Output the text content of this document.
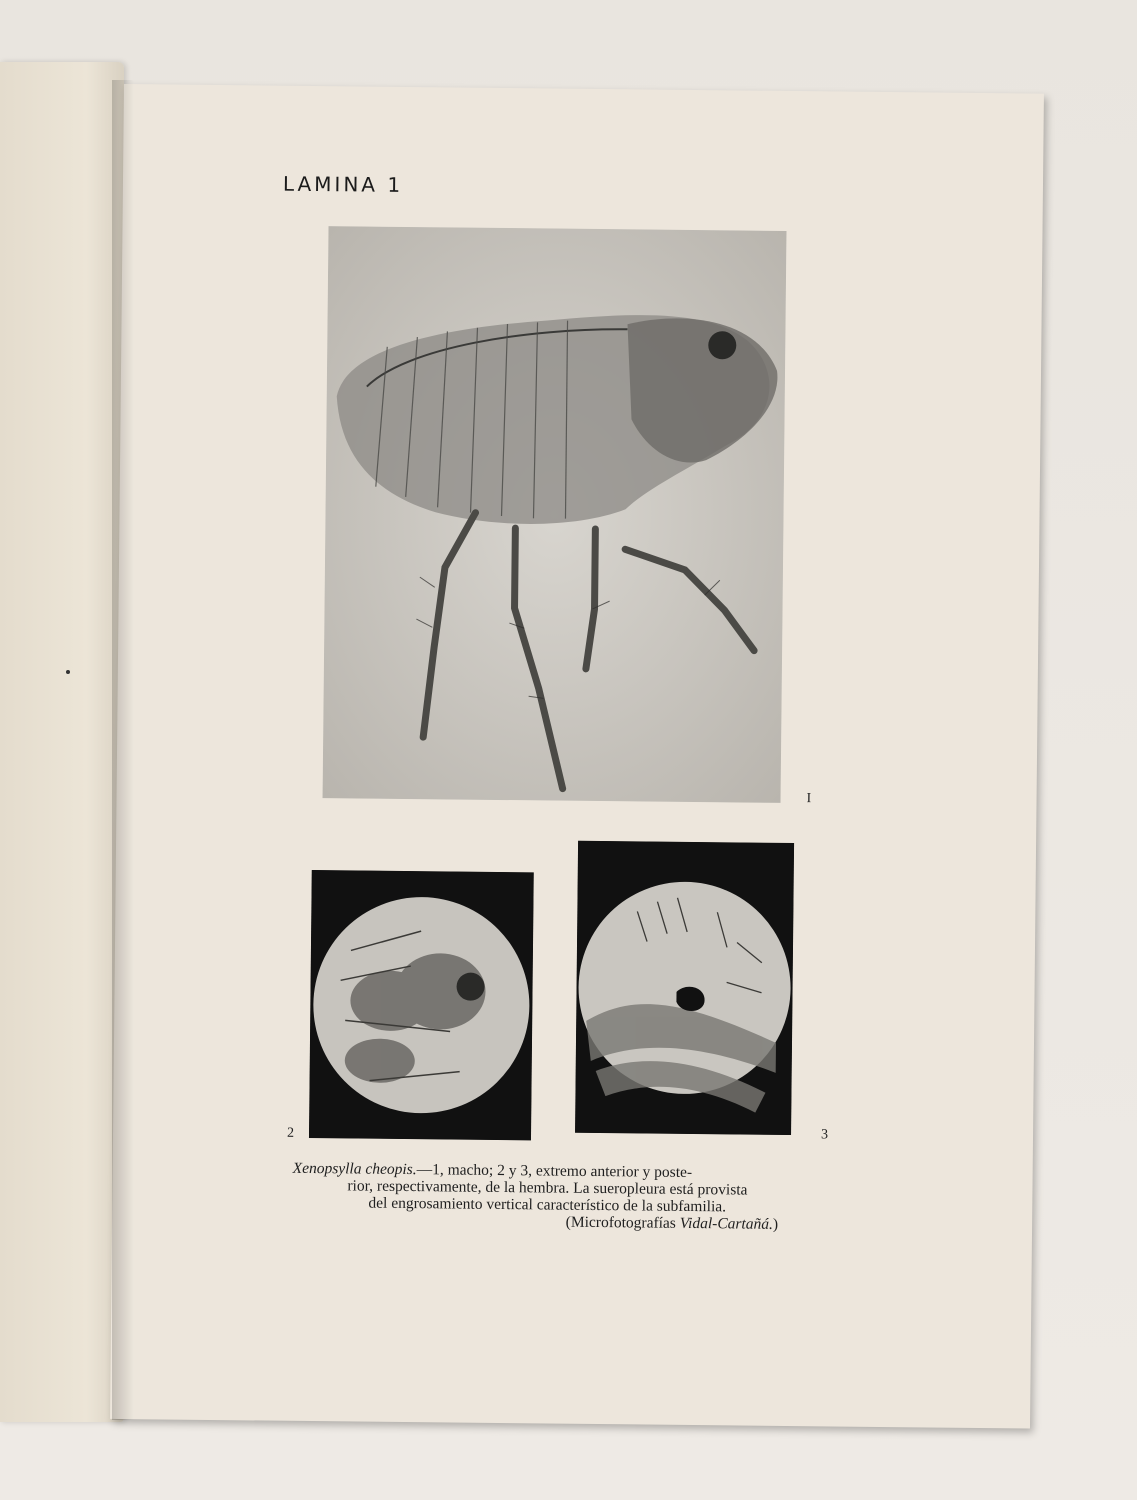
LAMINA 1
I
2	3
Xenopsylla cheopis.—1, macho; 2 y 3, extremo anterior y poste-
rior, respectivamente, de la hembra. La sueropleura está provista
del engrosamiento vertical característico de la subfamilia.
(Microfotografías Vidal-Cartañá.)
